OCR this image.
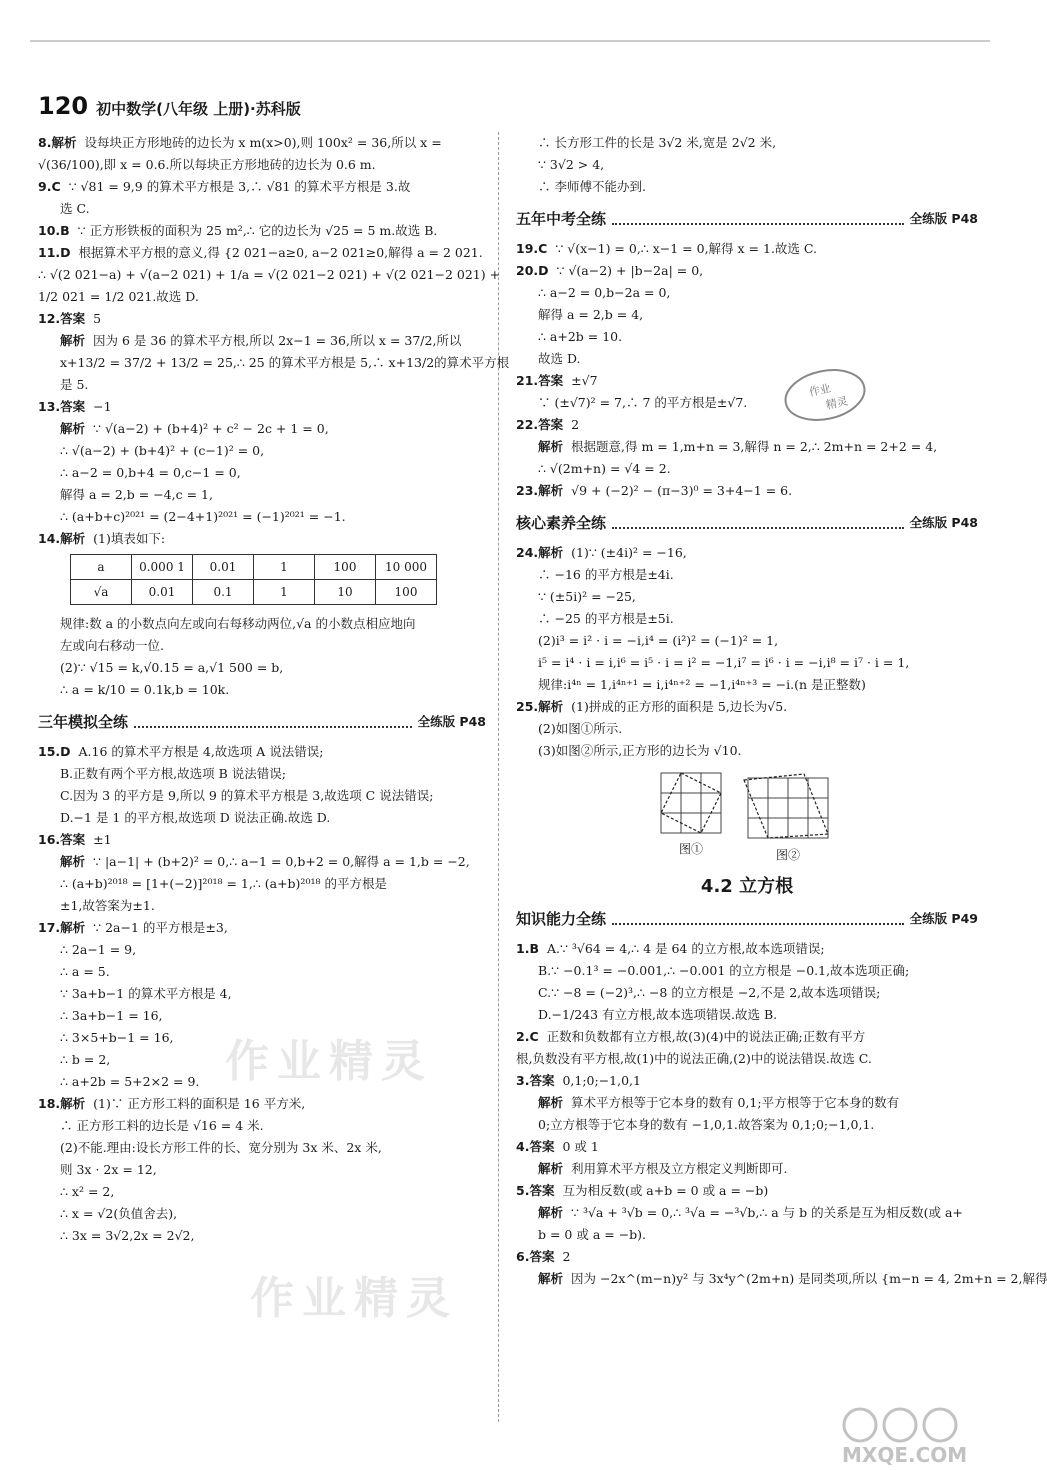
120 初中数学(八年级 上册)·苏科版
8.解析 设每块正方形地砖的边长为 x m(x>0),则 100x² = 36,所以 x =
√(36/100),即 x = 0.6.所以每块正方形地砖的边长为 0.6 m.
9.C ∵ √81 = 9,9 的算术平方根是 3,∴ √81 的算术平方根是 3.故
选 C.
10.B ∵ 正方形铁板的面积为 25 m²,∴ 它的边长为 √25 = 5 m.故选 B.
11.D 根据算术平方根的意义,得 {2 021−a≥0, a−2 021≥0,解得 a = 2 021.
∴ √(2 021−a) + √(a−2 021) + 1/a = √(2 021−2 021) + √(2 021−2 021) +
1/2 021 = 1/2 021.故选 D.
12.答案 5
解析 因为 6 是 36 的算术平方根,所以 2x−1 = 36,所以 x = 37/2,所以
x+13/2 = 37/2 + 13/2 = 25,∴ 25 的算术平方根是 5,∴ x+13/2的算术平方根
是 5.
13.答案 −1
解析 ∵ √(a−2) + (b+4)² + c² − 2c + 1 = 0,
∴ √(a−2) + (b+4)² + (c−1)² = 0,
∴ a−2 = 0,b+4 = 0,c−1 = 0,
解得 a = 2,b = −4,c = 1,
∴ (a+b+c)²⁰²¹ = (2−4+1)²⁰²¹ = (−1)²⁰²¹ = −1.
14.解析 (1)填表如下:
a	0.000 1	0.01	1	100	10 000
√a	0.01	0.1	1	10	100
规律:数 a 的小数点向左或向右每移动两位,√a 的小数点相应地向
左或向右移动一位.
(2)∵ √15 = k,√0.15 = a,√1 500 = b,
∴ a = k/10 = 0.1k,b = 10k.
三年模拟全练	全练版 P48
15.D A.16 的算术平方根是 4,故选项 A 说法错误;
B.正数有两个平方根,故选项 B 说法错误;
C.因为 3 的平方是 9,所以 9 的算术平方根是 3,故选项 C 说法错误;
D.−1 是 1 的平方根,故选项 D 说法正确.故选 D.
16.答案 ±1
解析 ∵ |a−1| + (b+2)² = 0,∴ a−1 = 0,b+2 = 0,解得 a = 1,b = −2,
∴ (a+b)²⁰¹⁸ = [1+(−2)]²⁰¹⁸ = 1,∴ (a+b)²⁰¹⁸ 的平方根是
±1,故答案为±1.
17.解析 ∵ 2a−1 的平方根是±3,
∴ 2a−1 = 9,
∴ a = 5.
∵ 3a+b−1 的算术平方根是 4,
∴ 3a+b−1 = 16,
∴ 3×5+b−1 = 16,
∴ b = 2,
∴ a+2b = 5+2×2 = 9.
18.解析 (1)∵ 正方形工料的面积是 16 平方米,
∴ 正方形工料的边长是 √16 = 4 米.
(2)不能.理由:设长方形工件的长、宽分别为 3x 米、2x 米,
则 3x · 2x = 12,
∴ x² = 2,
∴ x = √2(负值舍去),
∴ 3x = 3√2,2x = 2√2,
∴ 长方形工件的长是 3√2 米,宽是 2√2 米,
∵ 3√2 > 4,
∴ 李师傅不能办到.
五年中考全练	全练版 P48
19.C ∵ √(x−1) = 0,∴ x−1 = 0,解得 x = 1.故选 C.
20.D ∵ √(a−2) + |b−2a| = 0,
∴ a−2 = 0,b−2a = 0,
解得 a = 2,b = 4,
∴ a+2b = 10.
故选 D.
21.答案 ±√7
∵ (±√7)² = 7,∴ 7 的平方根是±√7.
22.答案 2
解析 根据题意,得 m = 1,m+n = 3,解得 n = 2,∴ 2m+n = 2+2 = 4,
∴ √(2m+n) = √4 = 2.
23.解析 √9 + (−2)² − (π−3)⁰ = 3+4−1 = 6.
核心素养全练	全练版 P48
24.解析 (1)∵ (±4i)² = −16,
∴ −16 的平方根是±4i.
∵ (±5i)² = −25,
∴ −25 的平方根是±5i.
(2)i³ = i² · i = −i,i⁴ = (i²)² = (−1)² = 1,
i⁵ = i⁴ · i = i,i⁶ = i⁵ · i = i² = −1,i⁷ = i⁶ · i = −i,i⁸ = i⁷ · i = 1,
规律:i⁴ⁿ = 1,i⁴ⁿ⁺¹ = i,i⁴ⁿ⁺² = −1,i⁴ⁿ⁺³ = −i.(n 是正整数)
25.解析 (1)拼成的正方形的面积是 5,边长为√5.
(2)如图①所示.
(3)如图②所示,正方形的边长为 √10.
图①	图②
4.2 立方根
知识能力全练	全练版 P49
1.B A.∵ ³√64 = 4,∴ 4 是 64 的立方根,故本选项错误;
B.∵ −0.1³ = −0.001,∴ −0.001 的立方根是 −0.1,故本选项正确;
C.∵ −8 = (−2)³,∴ −8 的立方根是 −2,不是 2,故本选项错误;
D.−1/243 有立方根,故本选项错误.故选 B.
2.C 正数和负数都有立方根,故(3)(4)中的说法正确;正数有平方
根,负数没有平方根,故(1)中的说法正确,(2)中的说法错误.故选 C.
3.答案 0,1;0;−1,0,1
解析 算术平方根等于它本身的数有 0,1;平方根等于它本身的数有
0;立方根等于它本身的数有 −1,0,1.故答案为 0,1;0;−1,0,1.
4.答案 0 或 1
解析 利用算术平方根及立方根定义判断即可.
5.答案 互为相反数(或 a+b = 0 或 a = −b)
解析 ∵ ³√a + ³√b = 0,∴ ³√a = −³√b,∴ a 与 b 的关系是互为相反数(或 a+
b = 0 或 a = −b).
6.答案 2
解析 因为 −2x^(m−n)y² 与 3x⁴y^(2m+n) 是同类项,所以 {m−n = 4, 2m+n = 2,解得
作业
精灵
作业精灵
作业精灵
MXQE.COM
